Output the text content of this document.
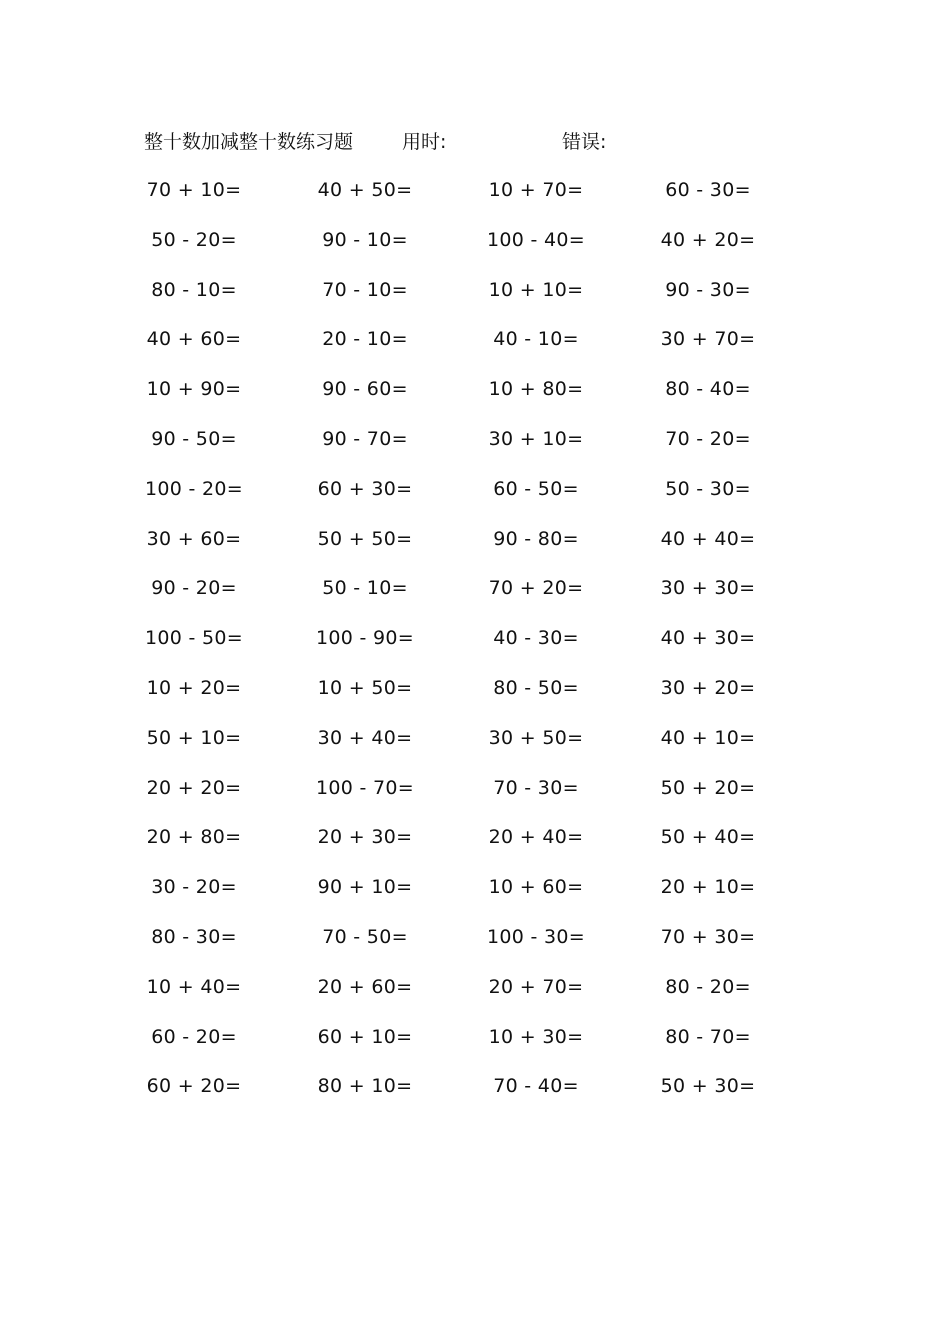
整十数加减整十数练习题	用时:	错误:
70 + 10=	40 + 50=	10 + 70=	60 - 30=
50 - 20=	90 - 10=	100 - 40=	40 + 20=
80 - 10=	70 - 10=	10 + 10=	90 - 30=
40 + 60=	20 - 10=	40 - 10=	30 + 70=
10 + 90=	90 - 60=	10 + 80=	80 - 40=
90 - 50=	90 - 70=	30 + 10=	70 - 20=
100 - 20=	60 + 30=	60 - 50=	50 - 30=
30 + 60=	50 + 50=	90 - 80=	40 + 40=
90 - 20=	50 - 10=	70 + 20=	30 + 30=
100 - 50=	100 - 90=	40 - 30=	40 + 30=
10 + 20=	10 + 50=	80 - 50=	30 + 20=
50 + 10=	30 + 40=	30 + 50=	40 + 10=
20 + 20=	100 - 70=	70 - 30=	50 + 20=
20 + 80=	20 + 30=	20 + 40=	50 + 40=
30 - 20=	90 + 10=	10 + 60=	20 + 10=
80 - 30=	70 - 50=	100 - 30=	70 + 30=
10 + 40=	20 + 60=	20 + 70=	80 - 20=
60 - 20=	60 + 10=	10 + 30=	80 - 70=
60 + 20=	80 + 10=	70 - 40=	50 + 30=
